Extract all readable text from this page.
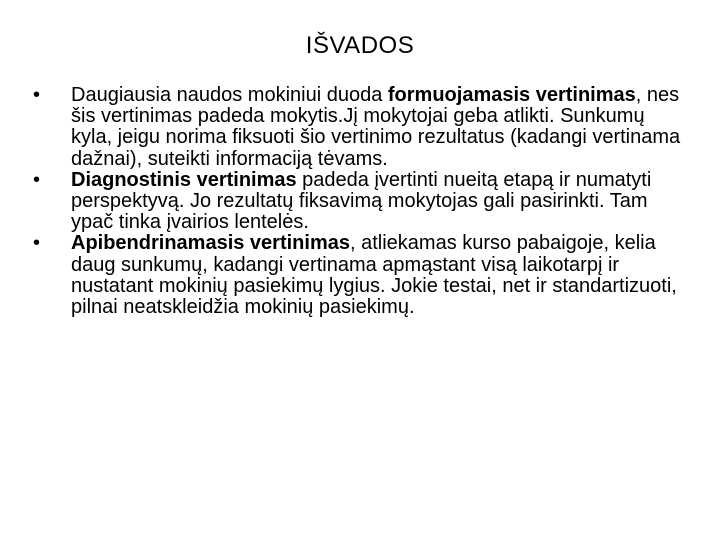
IŠVADOS
• Daugiausia naudos mokiniui duoda formuojamasis vertinimas, nes šis vertinimas padeda mokytis.Jį mokytojai geba atlikti. Sunkumų kyla, jeigu norima fiksuoti šio vertinimo rezultatus (kadangi vertinama dažnai), suteikti informaciją tėvams.
• Diagnostinis vertinimas padeda įvertinti nueitą etapą ir numatyti perspektyvą. Jo rezultatų fiksavimą mokytojas gali pasirinkti. Tam ypač tinka įvairios lentelės.
• Apibendrinamasis vertinimas, atliekamas kurso pabaigoje, kelia daug sunkumų, kadangi vertinama apmąstant visą laikotarpį ir nustatant mokinių pasiekimų lygius. Jokie testai, net ir standartizuoti, pilnai neatskleidžia mokinių pasiekimų.
